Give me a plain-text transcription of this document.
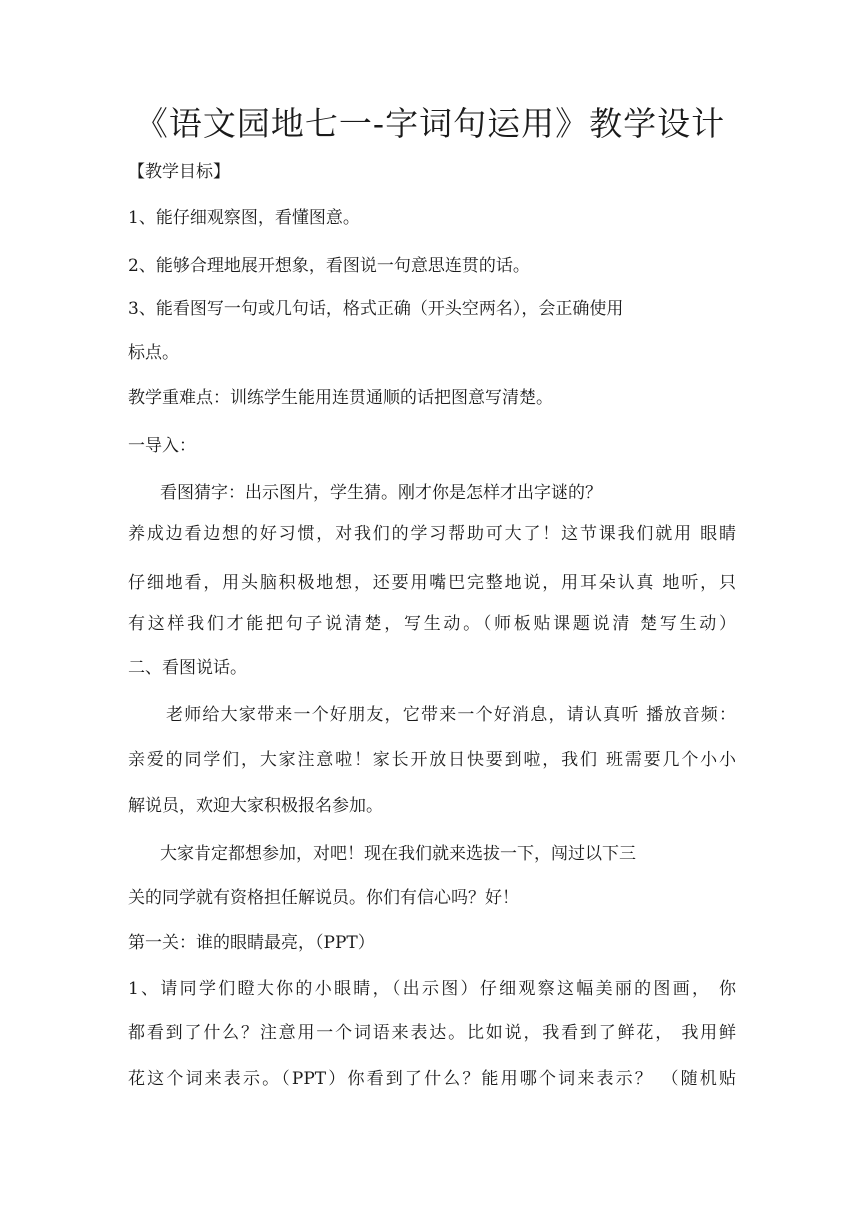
《语文园地七一-字词句运用》教学设计
【教学目标】
1、能仔细观察图，看懂图意。
2、能够合理地展开想象，看图说一句意思连贯的话。
3、能看图写一句或几句话，格式正确（开头空两名），会正确使用
标点。
教学重难点：训练学生能用连贯通顺的话把图意写清楚。
一导入：
看图猜字：出示图片，学生猜。刚才你是怎样才出字谜的？
养成边看边想的好习惯，对我们的学习帮助可大了！这节课我们就用 眼睛
仔细地看，用头脑积极地想，还要用嘴巴完整地说，用耳朵认真 地听，只
有这样我们才能把句子说清楚，写生动。（师板贴课题说清 楚写生动）
二、看图说话。
老师给大家带来一个好朋友，它带来一个好消息，请认真听 播放音频：
亲爱的同学们，大家注意啦！家长开放日快要到啦，我们 班需要几个小小
解说员，欢迎大家积极报名参加。
大家肯定都想参加，对吧！现在我们就来选拔一下，闯过以下三
关的同学就有资格担任解说员。你们有信心吗？好！
第一关：谁的眼睛最亮，（PPT）
1、请同学们瞪大你的小眼睛，（出示图）仔细观察这幅美丽的图画， 你
都看到了什么？注意用一个词语来表达。比如说，我看到了鲜花， 我用鲜
花这个词来表示。（PPT）你看到了什么？能用哪个词来表示？ （随机贴
